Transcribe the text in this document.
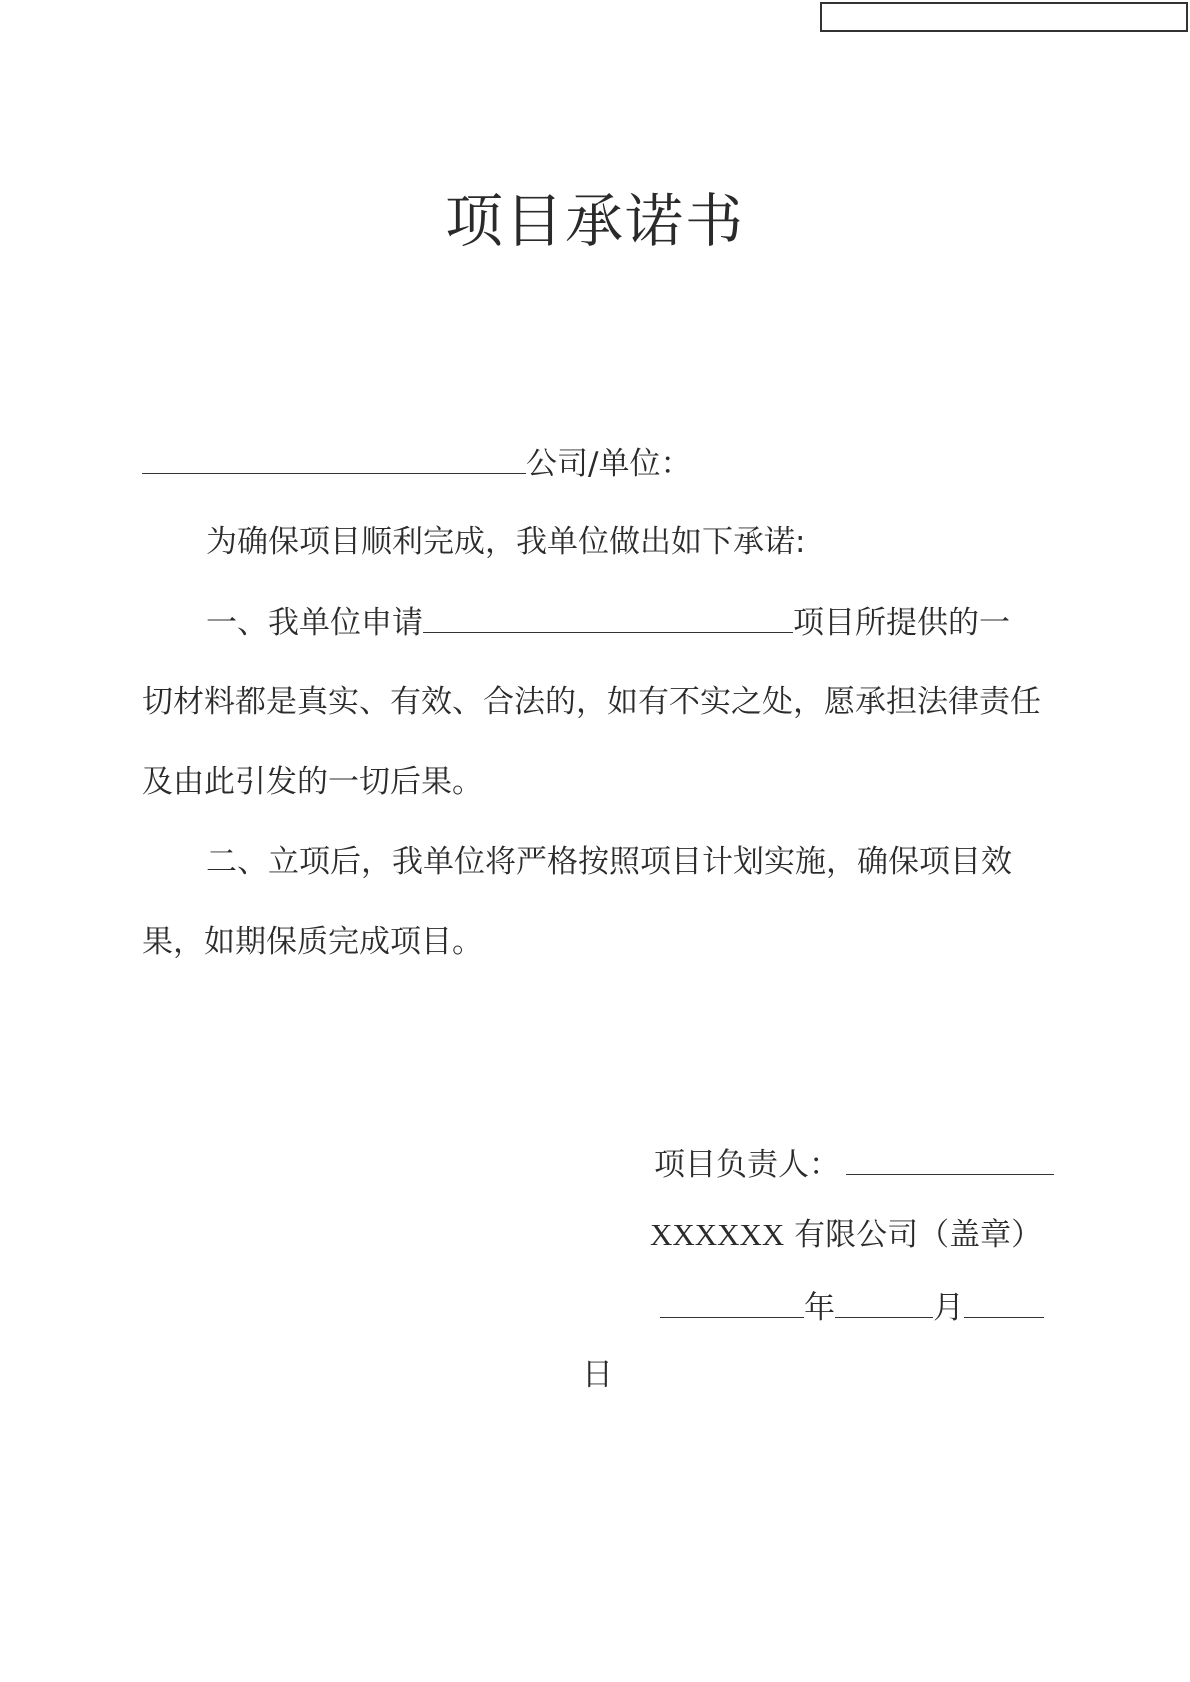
项目承诺书
公司/单位：
为确保项目顺利完成，我单位做出如下承诺:
一、我单位申请	项目所提供的一
切材料都是真实、有效、合法的，如有不实之处，愿承担法律责任
及由此引发的一切后果。
二、立项后，我单位将严格按照项目计划实施，确保项目效
果，如期保质完成项目。
项目负责人：
XXXXXX 有限公司（盖章）
年	月
日
